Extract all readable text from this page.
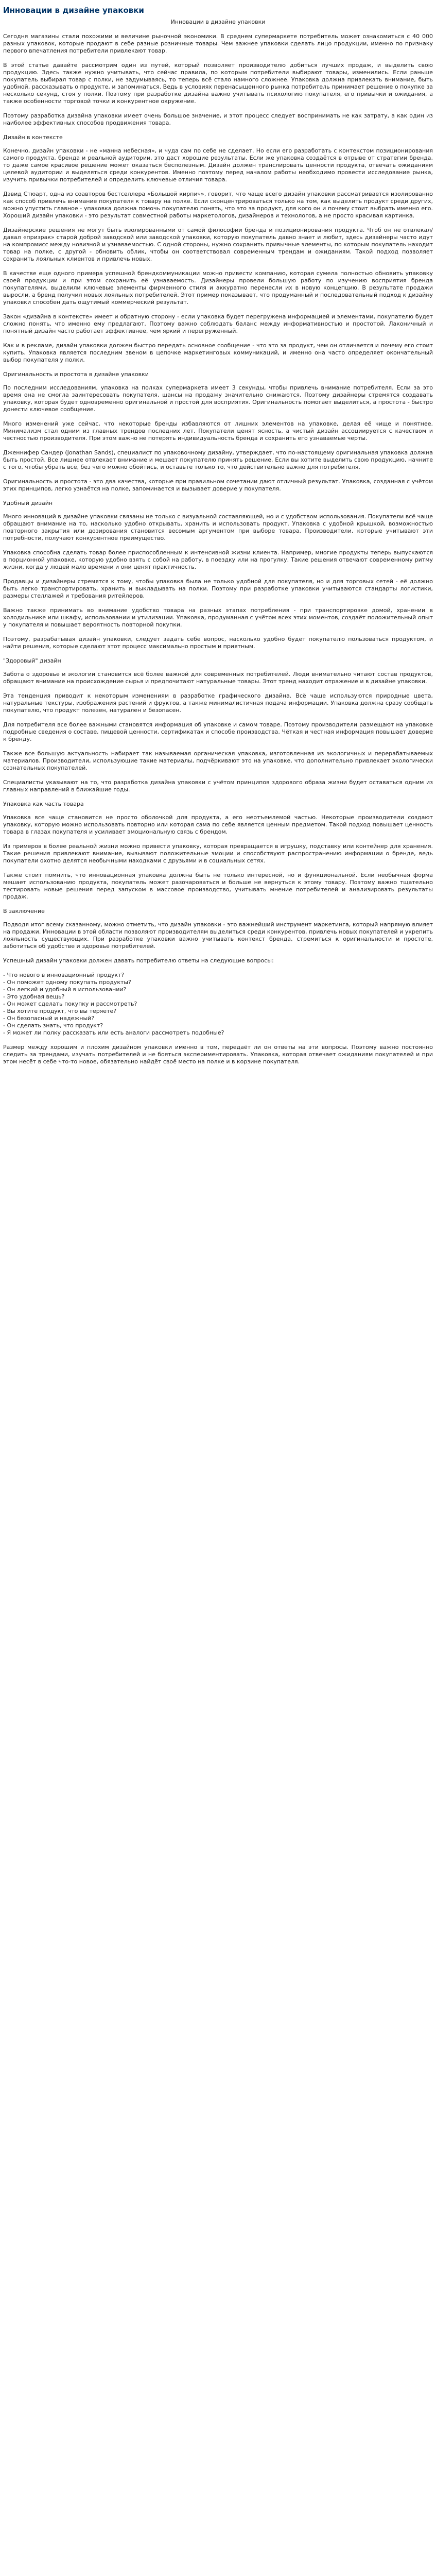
Инновации в дизайне упаковки
Инновации в дизайне упаковки

Сегодня магазины стали похожими и величине рыночной экономики. В среднем супермаркете потребитель может ознакомиться с 40 000 разных упаковок, которые продают в себе разные розничные товары. Чем важнее упаковки сделать лицо продукции, именно по признаку первого впечатления потребители привлекают товар.

В этой статье давайте рассмотрим один из путей, который позволяет производителю добиться лучших продаж, и выделить свою продукцию. Здесь также нужно учитывать, что сейчас правила, по которым потребители выбирают товары, изменились. Если раньше покупатель выбирал товар с полки, не задумываясь, то теперь всё стало намного сложнее. Упаковка должна привлекать внимание, быть удобной, рассказывать о продукте, и запоминаться. Ведь в условиях перенасыщенного рынка потребитель принимает решение о покупке за несколько секунд, стоя у полки. Поэтому при разработке дизайна важно учитывать психологию покупателя, его привычки и ожидания, а также особенности торговой точки и конкурентное окружение.

Поэтому разработка дизайна упаковки имеет очень большое значение, и этот процесс следует воспринимать не как затрату, а как один из наиболее эффективных способов продвижения товара.

Дизайн в контексте

Конечно, дизайн упаковки - не «манна небесная», и чуда сам по себе не сделает. Но если его разработать с контекстом позиционирования самого продукта, бренда и реальной аудитории, это даст хорошие результаты. Если же упаковка создаётся в отрыве от стратегии бренда, то даже самое красивое решение может оказаться бесполезным. Дизайн должен транслировать ценности продукта, отвечать ожиданиям целевой аудитории и выделяться среди конкурентов. Именно поэтому перед началом работы необходимо провести исследование рынка, изучить привычки потребителей и определить ключевые отличия товара.

Дэвид Стюарт, одна из соавторов бестселлера «Большой кирпич», говорит, что чаще всего дизайн упаковки рассматривается изолированно как способ привлечь внимание покупателя к товару на полке. Если сконцентрироваться только на том, как выделить продукт среди других, можно упустить главное - упаковка должна помочь покупателю понять, что это за продукт, для кого он и почему стоит выбрать именно его. Хороший дизайн упаковки - это результат совместной работы маркетологов, дизайнеров и технологов, а не просто красивая картинка.

Дизайнерские решения не могут быть изолированными от самой философии бренда и позиционирования продукта. Чтоб он не отвлекал/давал «призрак» старой доброй заводской или заводской упаковки, которую покупатель давно знает и любит, здесь дизайнеры часто идут на компромисс между новизной и узнаваемостью. С одной стороны, нужно сохранить привычные элементы, по которым покупатель находит товар на полке, с другой - обновить облик, чтобы он соответствовал современным трендам и ожиданиям. Такой подход позволяет сохранить лояльных клиентов и привлечь новых.

В качестве еще одного примера успешной брендкоммуникации можно привести компанию, которая сумела полностью обновить упаковку своей продукции и при этом сохранить её узнаваемость. Дизайнеры провели большую работу по изучению восприятия бренда покупателями, выделили ключевые элементы фирменного стиля и аккуратно перенесли их в новую концепцию. В результате продажи выросли, а бренд получил новых лояльных потребителей. Этот пример показывает, что продуманный и последовательный подход к дизайну упаковки способен дать ощутимый коммерческий результат.

Закон «дизайна в контексте» имеет и обратную сторону - если упаковка будет перегружена информацией и элементами, покупателю будет сложно понять, что именно ему предлагают. Поэтому важно соблюдать баланс между информативностью и простотой. Лаконичный и понятный дизайн часто работает эффективнее, чем яркий и перегруженный.

Как и в рекламе, дизайн упаковки должен быстро передать основное сообщение - что это за продукт, чем он отличается и почему его стоит купить. Упаковка является последним звеном в цепочке маркетинговых коммуникаций, и именно она часто определяет окончательный выбор покупателя у полки.

Оригинальность и простота в дизайне упаковки

По последним исследованиям, упаковка на полках супермаркета имеет 3 секунды, чтобы привлечь внимание потребителя. Если за это время она не смогла заинтересовать покупателя, шансы на продажу значительно снижаются. Поэтому дизайнеры стремятся создавать упаковку, которая будет одновременно оригинальной и простой для восприятия. Оригинальность помогает выделиться, а простота - быстро донести ключевое сообщение.

Много изменений уже сейчас, что некоторые бренды избавляются от лишних элементов на упаковке, делая её чище и понятнее. Минимализм стал одним из главных трендов последних лет. Покупатели ценят ясность, а чистый дизайн ассоциируется с качеством и честностью производителя. При этом важно не потерять индивидуальность бренда и сохранить его узнаваемые черты.

Дженнифер Сандер (Jonathan Sands), специалист по упаковочному дизайну, утверждает, что по-настоящему оригинальная упаковка должна быть простой. Все лишнее отвлекает внимание и мешает покупателю принять решение. Если вы хотите выделить свою продукцию, начните с того, чтобы убрать всё, без чего можно обойтись, и оставьте только то, что действительно важно для потребителя.

Оригинальность и простота - это два качества, которые при правильном сочетании дают отличный результат. Упаковка, созданная с учётом этих принципов, легко узнаётся на полке, запоминается и вызывает доверие у покупателя.

Удобный дизайн

Много инноваций в дизайне упаковки связаны не только с визуальной составляющей, но и с удобством использования. Покупатели всё чаще обращают внимание на то, насколько удобно открывать, хранить и использовать продукт. Упаковка с удобной крышкой, возможностью повторного закрытия или дозирования становится весомым аргументом при выборе товара. Производители, которые учитывают эти потребности, получают конкурентное преимущество.

Упаковка способна сделать товар более приспособленным к интенсивной жизни клиента. Например, многие продукты теперь выпускаются в порционной упаковке, которую удобно взять с собой на работу, в поездку или на прогулку. Такие решения отвечают современному ритму жизни, когда у людей мало времени и они ценят практичность.

Продавцы и дизайнеры стремятся к тому, чтобы упаковка была не только удобной для покупателя, но и для торговых сетей - её должно быть легко транспортировать, хранить и выкладывать на полки. Поэтому при разработке упаковки учитываются стандарты логистики, размеры стеллажей и требования ритейлеров.

Важно также принимать во внимание удобство товара на разных этапах потребления - при транспортировке домой, хранении в холодильнике или шкафу, использовании и утилизации. Упаковка, продуманная с учётом всех этих моментов, создаёт положительный опыт у покупателя и повышает вероятность повторной покупки.

Поэтому, разрабатывая дизайн упаковки, следует задать себе вопрос, насколько удобно будет покупателю пользоваться продуктом, и найти решения, которые сделают этот процесс максимально простым и приятным.

"Здоровый" дизайн

Забота о здоровье и экологии становится всё более важной для современных потребителей. Люди внимательно читают состав продуктов, обращают внимание на происхождение сырья и предпочитают натуральные товары. Этот тренд находит отражение и в дизайне упаковки.

Эта тенденция приводит к некоторым изменениям в разработке графического дизайна. Всё чаще используются природные цвета, натуральные текстуры, изображения растений и фруктов, а также минималистичная подача информации. Упаковка должна сразу сообщать покупателю, что продукт полезен, натурален и безопасен.

Для потребителя все более важными становятся информация об упаковке и самом товаре. Поэтому производители размещают на упаковке подробные сведения о составе, пищевой ценности, сертификатах и способе производства. Чёткая и честная информация повышает доверие к бренду.

Также все большую актуальность набирает так называемая органическая упаковка, изготовленная из экологичных и перерабатываемых материалов. Производители, использующие такие материалы, подчёркивают это на упаковке, что дополнительно привлекает экологически сознательных покупателей.

Специалисты указывают на то, что разработка дизайна упаковки с учётом принципов здорового образа жизни будет оставаться одним из главных направлений в ближайшие годы.

Упаковка как часть товара

Упаковка все чаще становится не просто оболочкой для продукта, а его неотъемлемой частью. Некоторые производители создают упаковку, которую можно использовать повторно или которая сама по себе является ценным предметом. Такой подход повышает ценность товара в глазах покупателя и усиливает эмоциональную связь с брендом.

Из примеров в более реальной жизни можно привести упаковку, которая превращается в игрушку, подставку или контейнер для хранения. Такие решения привлекают внимание, вызывают положительные эмоции и способствуют распространению информации о бренде, ведь покупатели охотно делятся необычными находками с друзьями и в социальных сетях.

Также стоит помнить, что инновационная упаковка должна быть не только интересной, но и функциональной. Если необычная форма мешает использованию продукта, покупатель может разочароваться и больше не вернуться к этому товару. Поэтому важно тщательно тестировать новые решения перед запуском в массовое производство, учитывать мнение потребителей и анализировать результаты продаж.

В заключение

Подводя итог всему сказанному, можно отметить, что дизайн упаковки - это важнейший инструмент маркетинга, который напрямую влияет на продажи. Инновации в этой области позволяют производителям выделиться среди конкурентов, привлечь новых покупателей и укрепить лояльность существующих. При разработке упаковки важно учитывать контекст бренда, стремиться к оригинальности и простоте, заботиться об удобстве и здоровье потребителей.

Успешный дизайн упаковки должен давать потребителю ответы на следующие вопросы:

- Что нового в инновационный продукт?
- Он поможет одному покупать продукты?
- Он легкий и удобный в использовании?
- Это удобная вещь?
- Он может сделать покупку и рассмотреть?
- Вы хотите продукт, что вы теряете?
- Он безопасный и надежный?
- Он сделать знать, что продукт?
- Я может ли полку рассказать или есть аналоги рассмотреть подобные?

Размер между хорошим и плохим дизайном упаковки именно в том, передаёт ли он ответы на эти вопросы. Поэтому важно постоянно следить за трендами, изучать потребителей и не бояться экспериментировать. Упаковка, которая отвечает ожиданиям покупателей и при этом несёт в себе что-то новое, обязательно найдёт своё место на полке и в корзине покупателя.
